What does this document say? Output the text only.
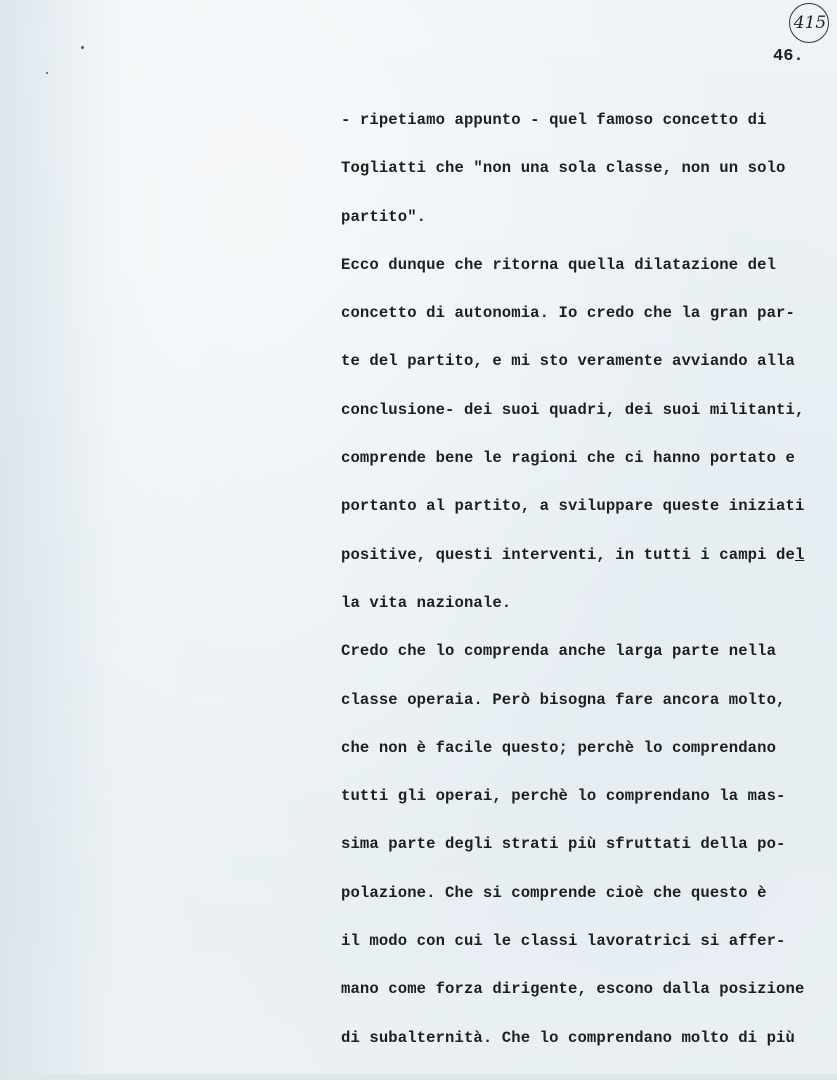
415
46.
- ripetiamo appunto - quel famoso concetto di
Togliatti che "non una sola classe, non un solo
partito".
Ecco dunque che ritorna quella dilatazione del
concetto di autonomia. Io credo che la gran par-
te del partito, e mi sto veramente avviando alla
conclusione- dei suoi quadri, dei suoi militanti,
comprende bene le ragioni che ci hanno portato e
portanto al partito, a sviluppare queste iniziati
positive, questi interventi, in tutti i campi del
la vita nazionale.
Credo che lo comprenda anche larga parte nella
classe operaia. Però bisogna fare ancora molto,
che non è facile questo; perchè lo comprendano
tutti gli operai, perchè lo comprendano la mas-
sima parte degli strati più sfruttati della po-
polazione. Che si comprende cioè che questo è
il modo con cui le classi lavoratrici si affer-
mano come forza dirigente, escono dalla posizione
di subalternità. Che lo comprendano molto di più
